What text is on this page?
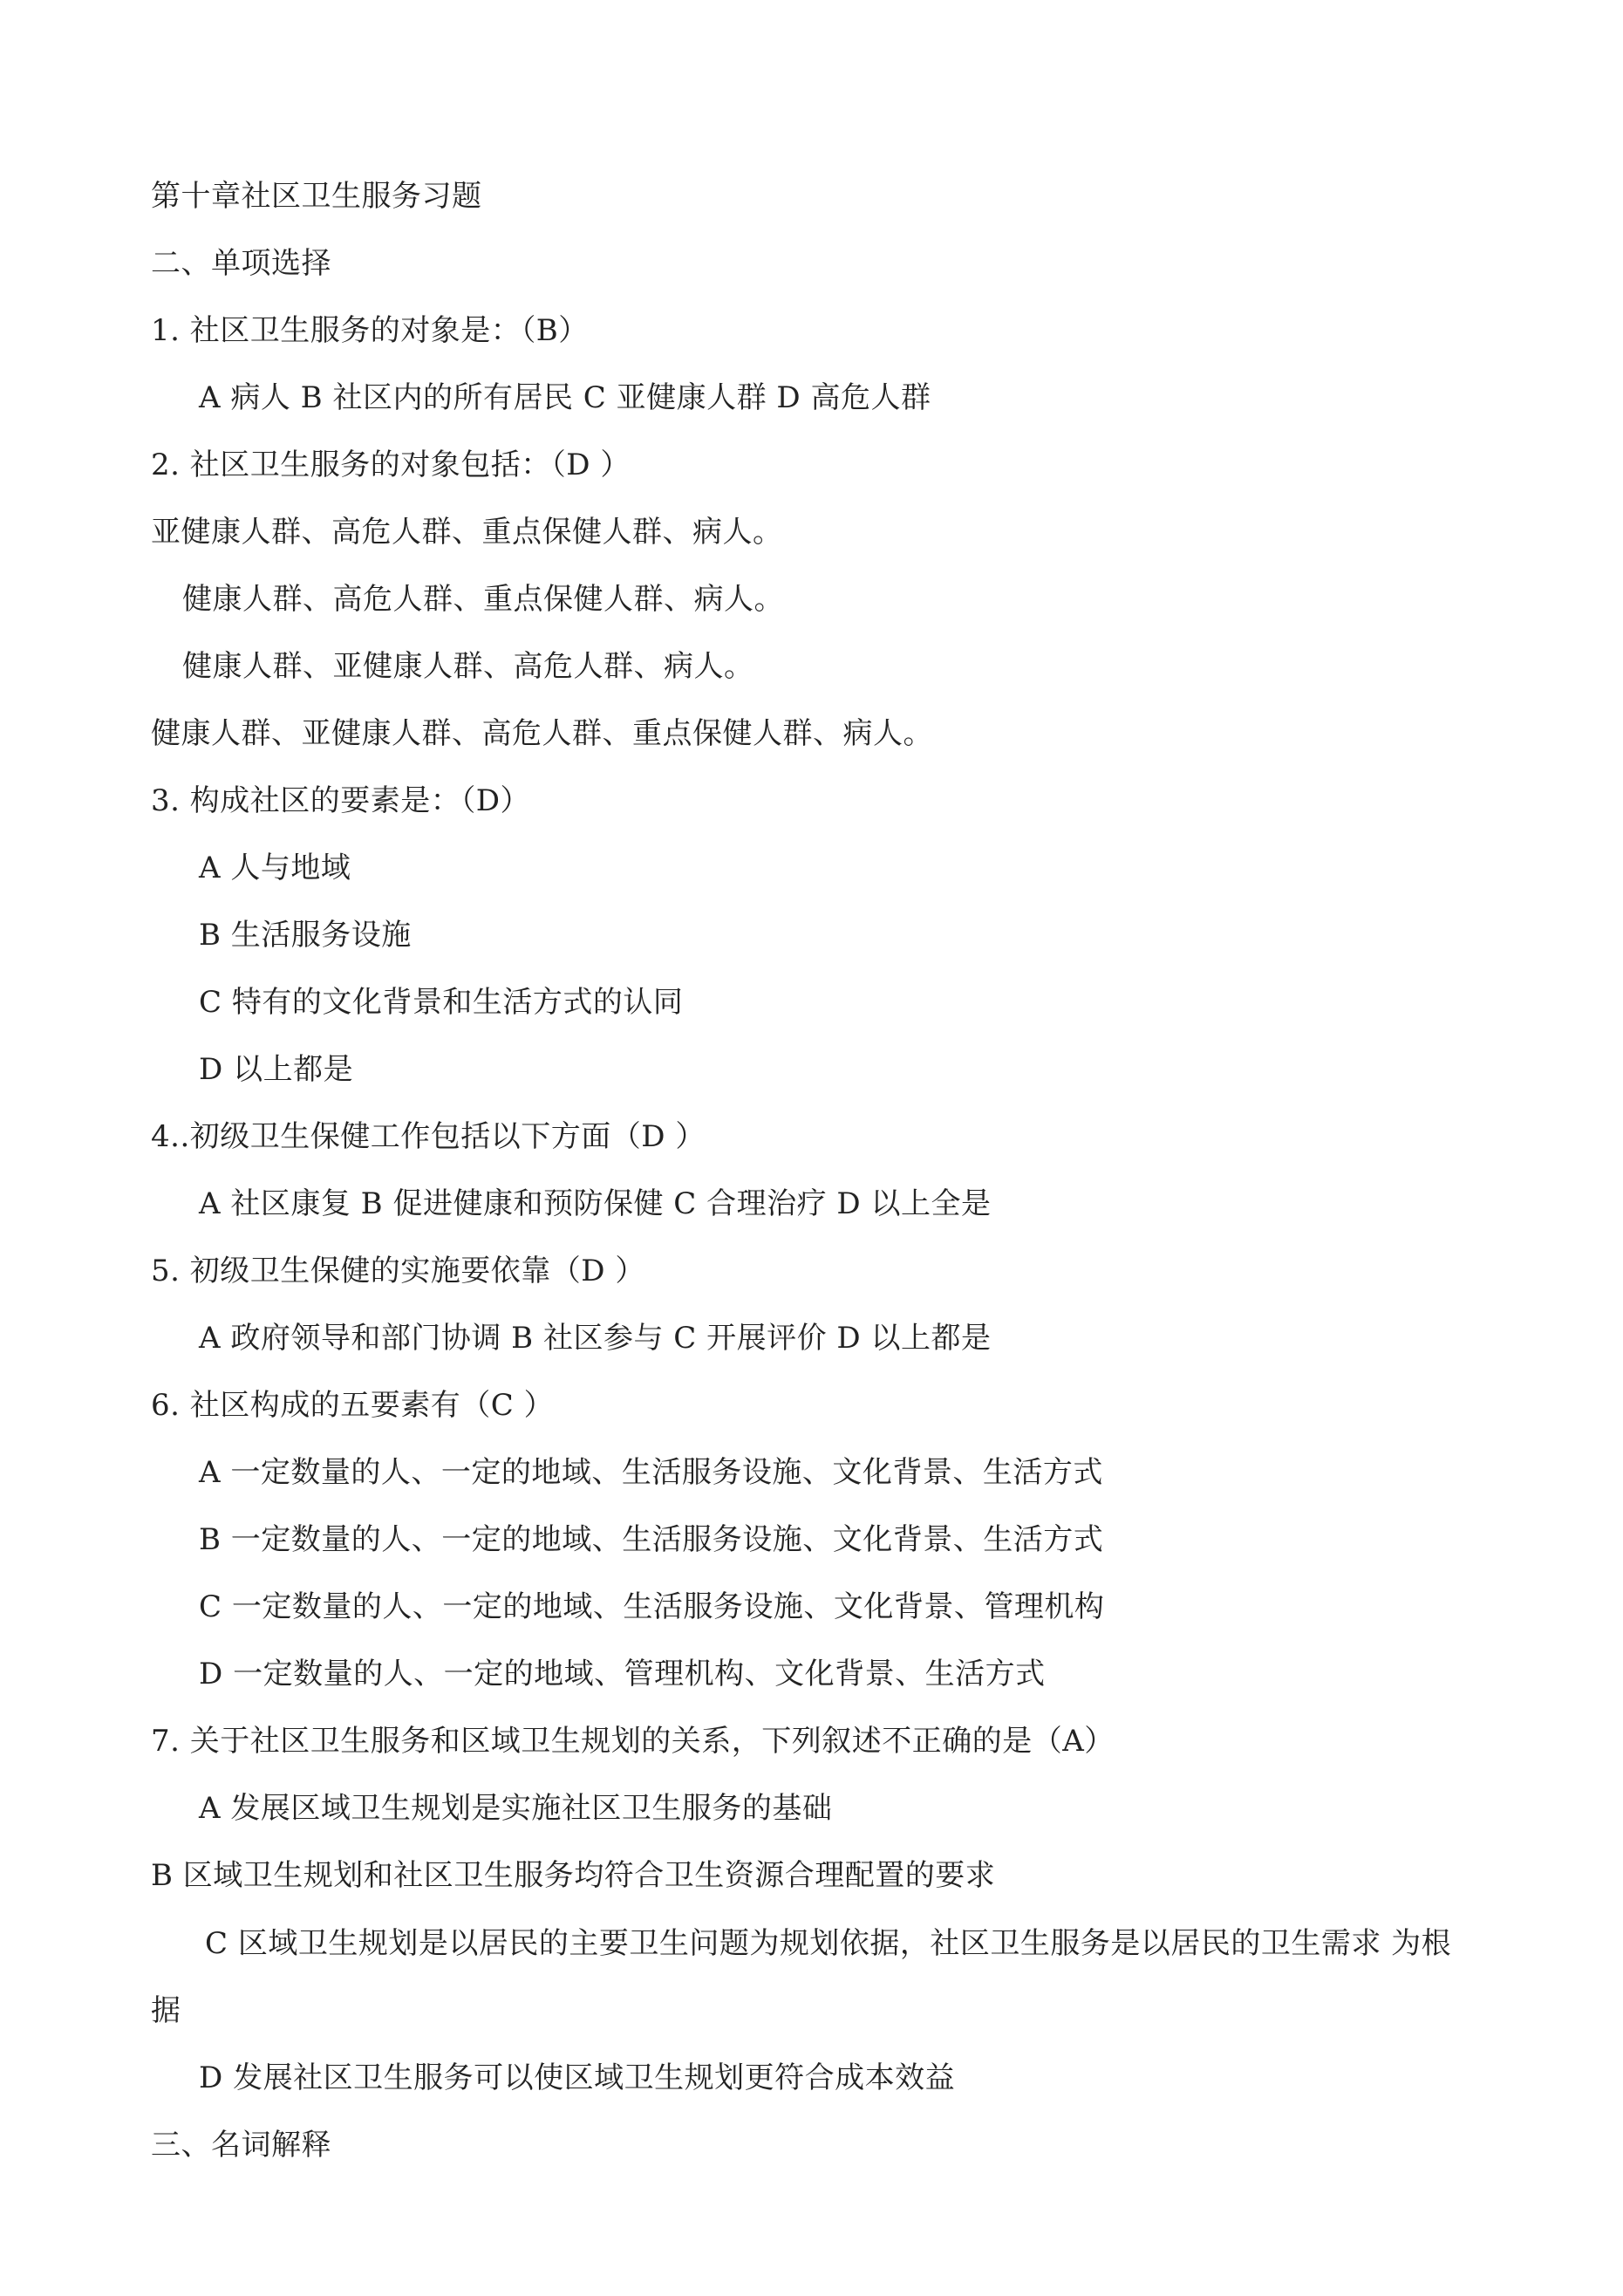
第十章社区卫生服务习题
二、单项选择
1. 社区卫生服务的对象是：（B）
A 病人 B 社区内的所有居民 C 亚健康人群 D 高危人群
2. 社区卫生服务的对象包括：（D ）
亚健康人群、高危人群、重点保健人群、病人。
健康人群、高危人群、重点保健人群、病人。
健康人群、亚健康人群、高危人群、病人。
健康人群、亚健康人群、高危人群、重点保健人群、病人。
3. 构成社区的要素是：（D）
A 人与地域
B 生活服务设施
C 特有的文化背景和生活方式的认同
D 以上都是
4..初级卫生保健工作包括以下方面（D ）
A 社区康复 B 促进健康和预防保健 C 合理治疗 D 以上全是
5. 初级卫生保健的实施要依靠（D ）
A 政府领导和部门协调 B 社区参与 C 开展评价 D 以上都是
6. 社区构成的五要素有（C ）
A 一定数量的人、一定的地域、生活服务设施、文化背景、生活方式
B 一定数量的人、一定的地域、生活服务设施、文化背景、生活方式
C 一定数量的人、一定的地域、生活服务设施、文化背景、管理机构
D 一定数量的人、一定的地域、管理机构、文化背景、生活方式
7. 关于社区卫生服务和区域卫生规划的关系，下列叙述不正确的是（A）
A 发展区域卫生规划是实施社区卫生服务的基础
B 区域卫生规划和社区卫生服务均符合卫生资源合理配置的要求
C 区域卫生规划是以居民的主要卫生问题为规划依据，社区卫生服务是以居民的卫生需求 为根
据
D 发展社区卫生服务可以使区域卫生规划更符合成本效益
三、名词解释
